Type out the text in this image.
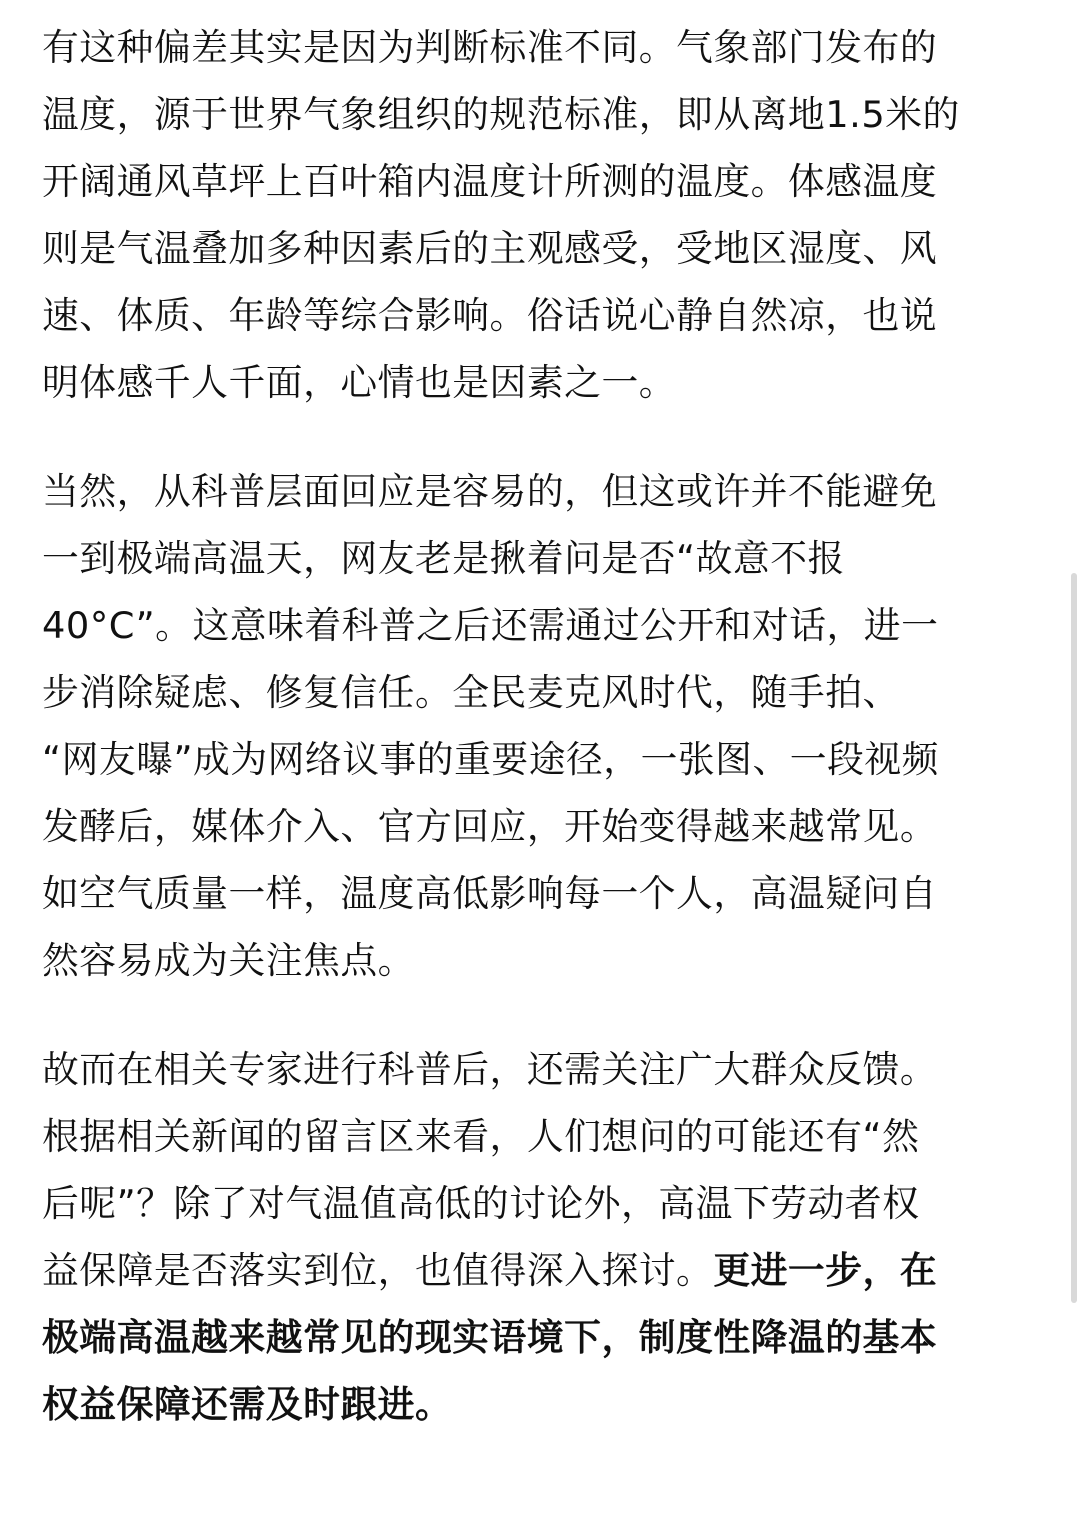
有这种偏差其实是因为判断标准不同。气象部门发布的
温度，源于世界气象组织的规范标准，即从离地1.5米的
开阔通风草坪上百叶箱内温度计所测的温度。体感温度
则是气温叠加多种因素后的主观感受，受地区湿度、风
速、体质、年龄等综合影响。俗话说心静自然凉，也说
明体感千人千面，心情也是因素之一。
当然，从科普层面回应是容易的，但这或许并不能避免
一到极端高温天，网友老是揪着问是否“故意不报
40°C”。这意味着科普之后还需通过公开和对话，进一
步消除疑虑、修复信任。全民麦克风时代，随手拍、
“网友曝”成为网络议事的重要途径，一张图、一段视频
发酵后，媒体介入、官方回应，开始变得越来越常见。
如空气质量一样，温度高低影响每一个人，高温疑问自
然容易成为关注焦点。
故而在相关专家进行科普后，还需关注广大群众反馈。
根据相关新闻的留言区来看，人们想问的可能还有“然
后呢”？除了对气温值高低的讨论外，高温下劳动者权
益保障是否落实到位，也值得深入探讨。更进一步，在
极端高温越来越常见的现实语境下，制度性降温的基本
权益保障还需及时跟进。
